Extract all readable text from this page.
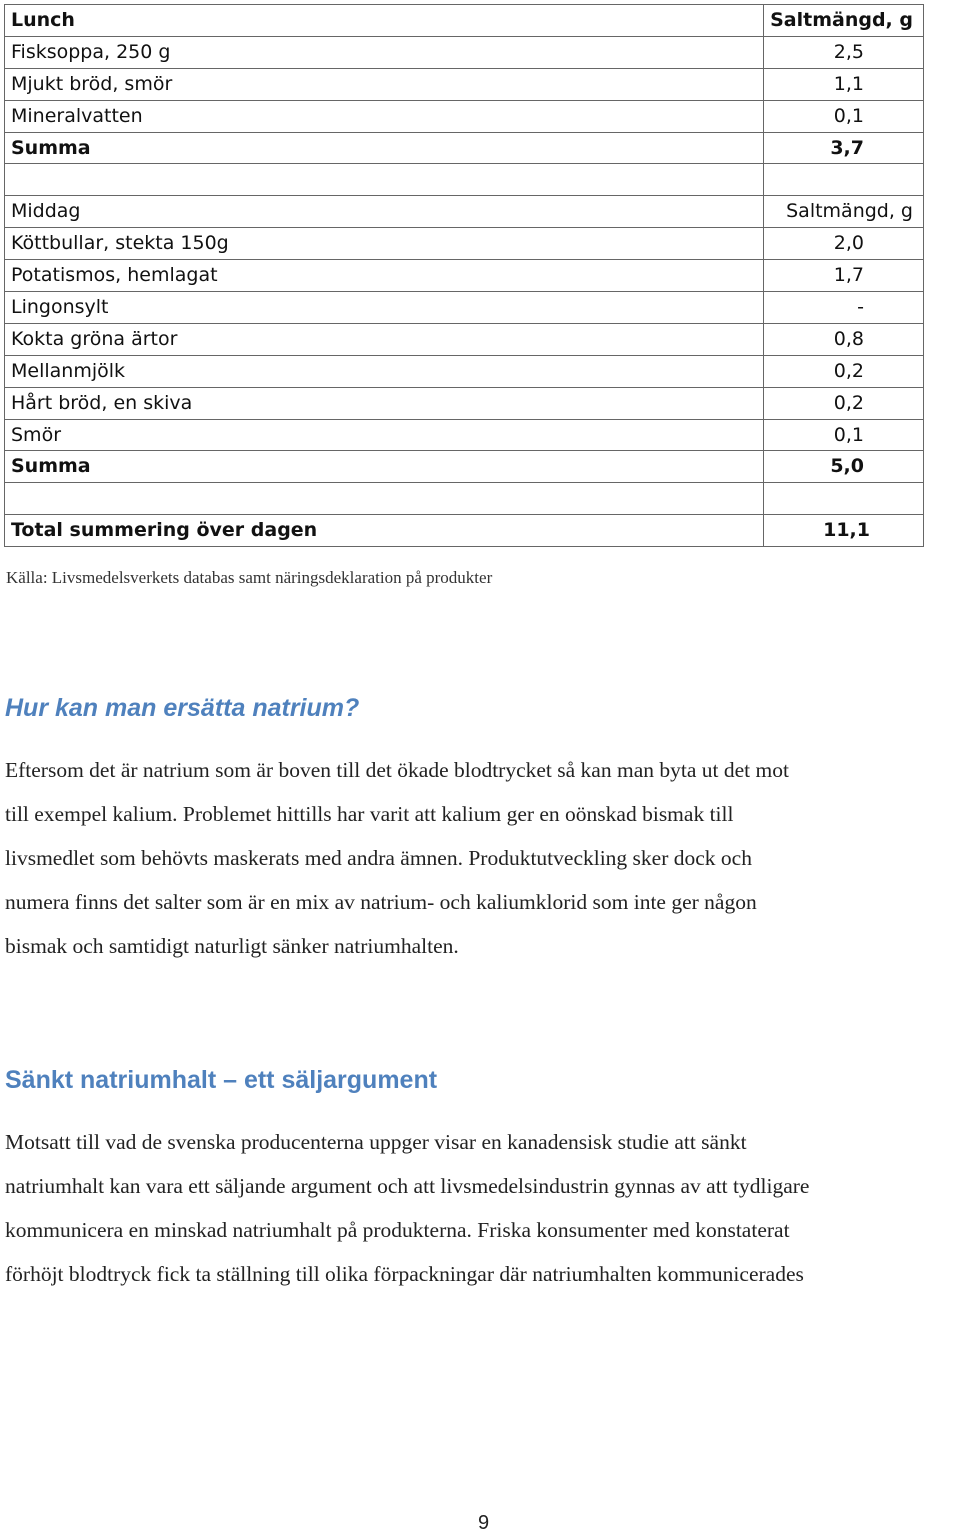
Lunch	Saltmängd, g
Fisksoppa, 250 g	2,5
Mjukt bröd, smör	1,1
Mineralvatten	0,1
Summa	3,7

Middag	Saltmängd, g
Köttbullar, stekta 150g	2,0
Potatismos, hemlagat	1,7
Lingonsylt	-
Kokta gröna ärtor	0,8
Mellanmjölk	0,2
Hårt bröd, en skiva	0,2
Smör	0,1
Summa	5,0

Total summering över dagen	11,1
Källa: Livsmedelsverkets databas samt näringsdeklaration på produkter
Hur kan man ersätta natrium?
Eftersom det är natrium som är boven till det ökade blodtrycket så kan man byta ut det mot
till exempel kalium. Problemet hittills har varit att kalium ger en oönskad bismak till
livsmedlet som behövts maskerats med andra ämnen. Produktutveckling sker dock och
numera finns det salter som är en mix av natrium- och kaliumklorid som inte ger någon
bismak och samtidigt naturligt sänker natriumhalten.
Sänkt natriumhalt – ett säljargument
Motsatt till vad de svenska producenterna uppger visar en kanadensisk studie att sänkt
natriumhalt kan vara ett säljande argument och att livsmedelsindustrin gynnas av att tydligare
kommunicera en minskad natriumhalt på produkterna. Friska konsumenter med konstaterat
förhöjt blodtryck fick ta ställning till olika förpackningar där natriumhalten kommunicerades
9
